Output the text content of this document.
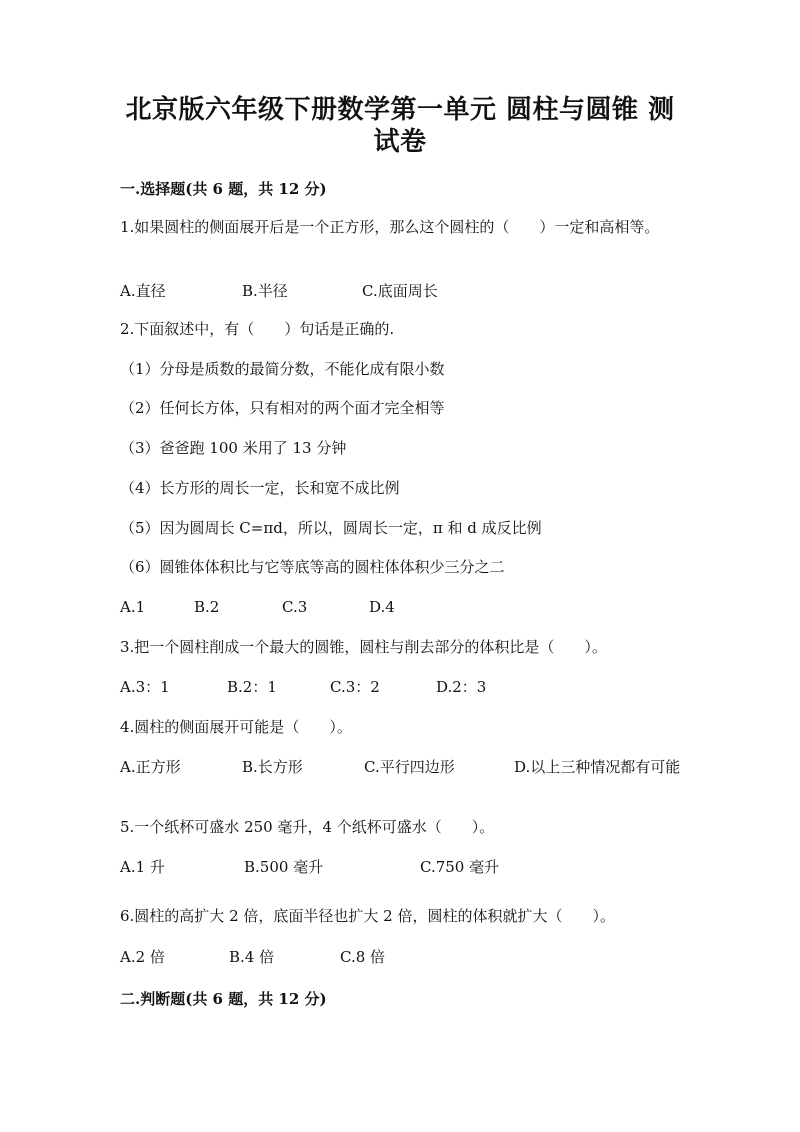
北京版六年级下册数学第一单元 圆柱与圆锥 测试卷
一.选择题(共 6 题，共 12 分)
1.如果圆柱的侧面展开后是一个正方形，那么这个圆柱的（　　）一定和高相等。
A.直径	B.半径	C.底面周长
2.下面叙述中，有（　　）句话是正确的.
（1）分母是质数的最简分数，不能化成有限小数
（2）任何长方体，只有相对的两个面才完全相等
（3）爸爸跑 100 米用了 13 分钟
（4）长方形的周长一定，长和宽不成比例
（5）因为圆周长 C=πd，所以，圆周长一定，π 和 d 成反比例
（6）圆锥体体积比与它等底等高的圆柱体体积少三分之二
A.1	B.2	C.3	D.4
3.把一个圆柱削成一个最大的圆锥，圆柱与削去部分的体积比是（　　）。
A.3：1	B.2：1	C.3：2	D.2：3
4.圆柱的侧面展开可能是（　　）。
A.正方形	B.长方形	C.平行四边形	D.以上三种情况都有可能
5.一个纸杯可盛水 250 毫升，4 个纸杯可盛水（　　）。
A.1 升	B.500 毫升	C.750 毫升
6.圆柱的高扩大 2 倍，底面半径也扩大 2 倍，圆柱的体积就扩大（　　）。
A.2 倍	B.4 倍	C.8 倍
二.判断题(共 6 题，共 12 分)
